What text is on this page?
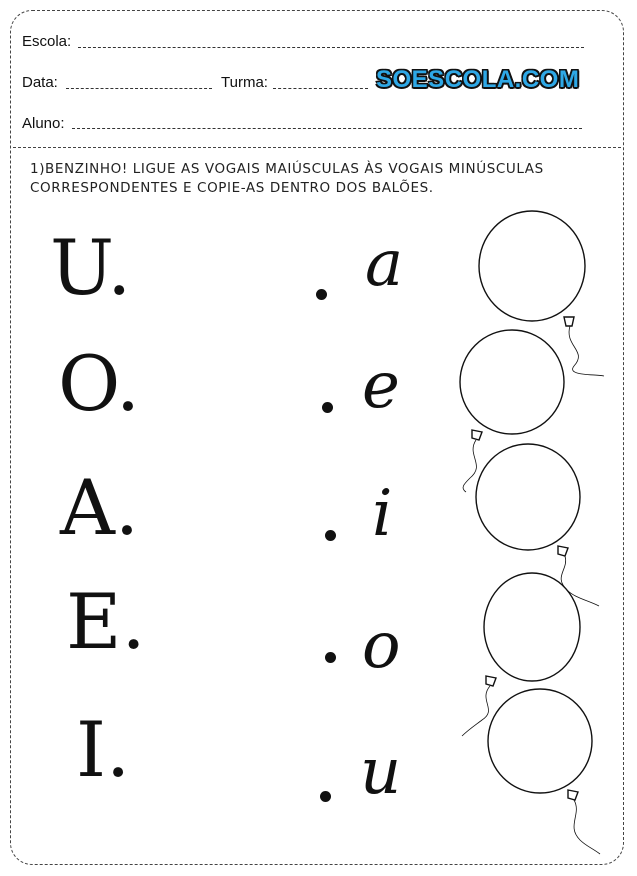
Escola:
Data:	Turma:	SOESCOLA.COM
Aluno:
1)BENZINHO! LIGUE AS VOGAIS MAIÚSCULAS ÀS VOGAIS MINÚSCULAS
CORRESPONDENTES E COPIE-AS DENTRO DOS BALÕES.
U.
O.
A.
E.
I.
a
e
i
o
u
